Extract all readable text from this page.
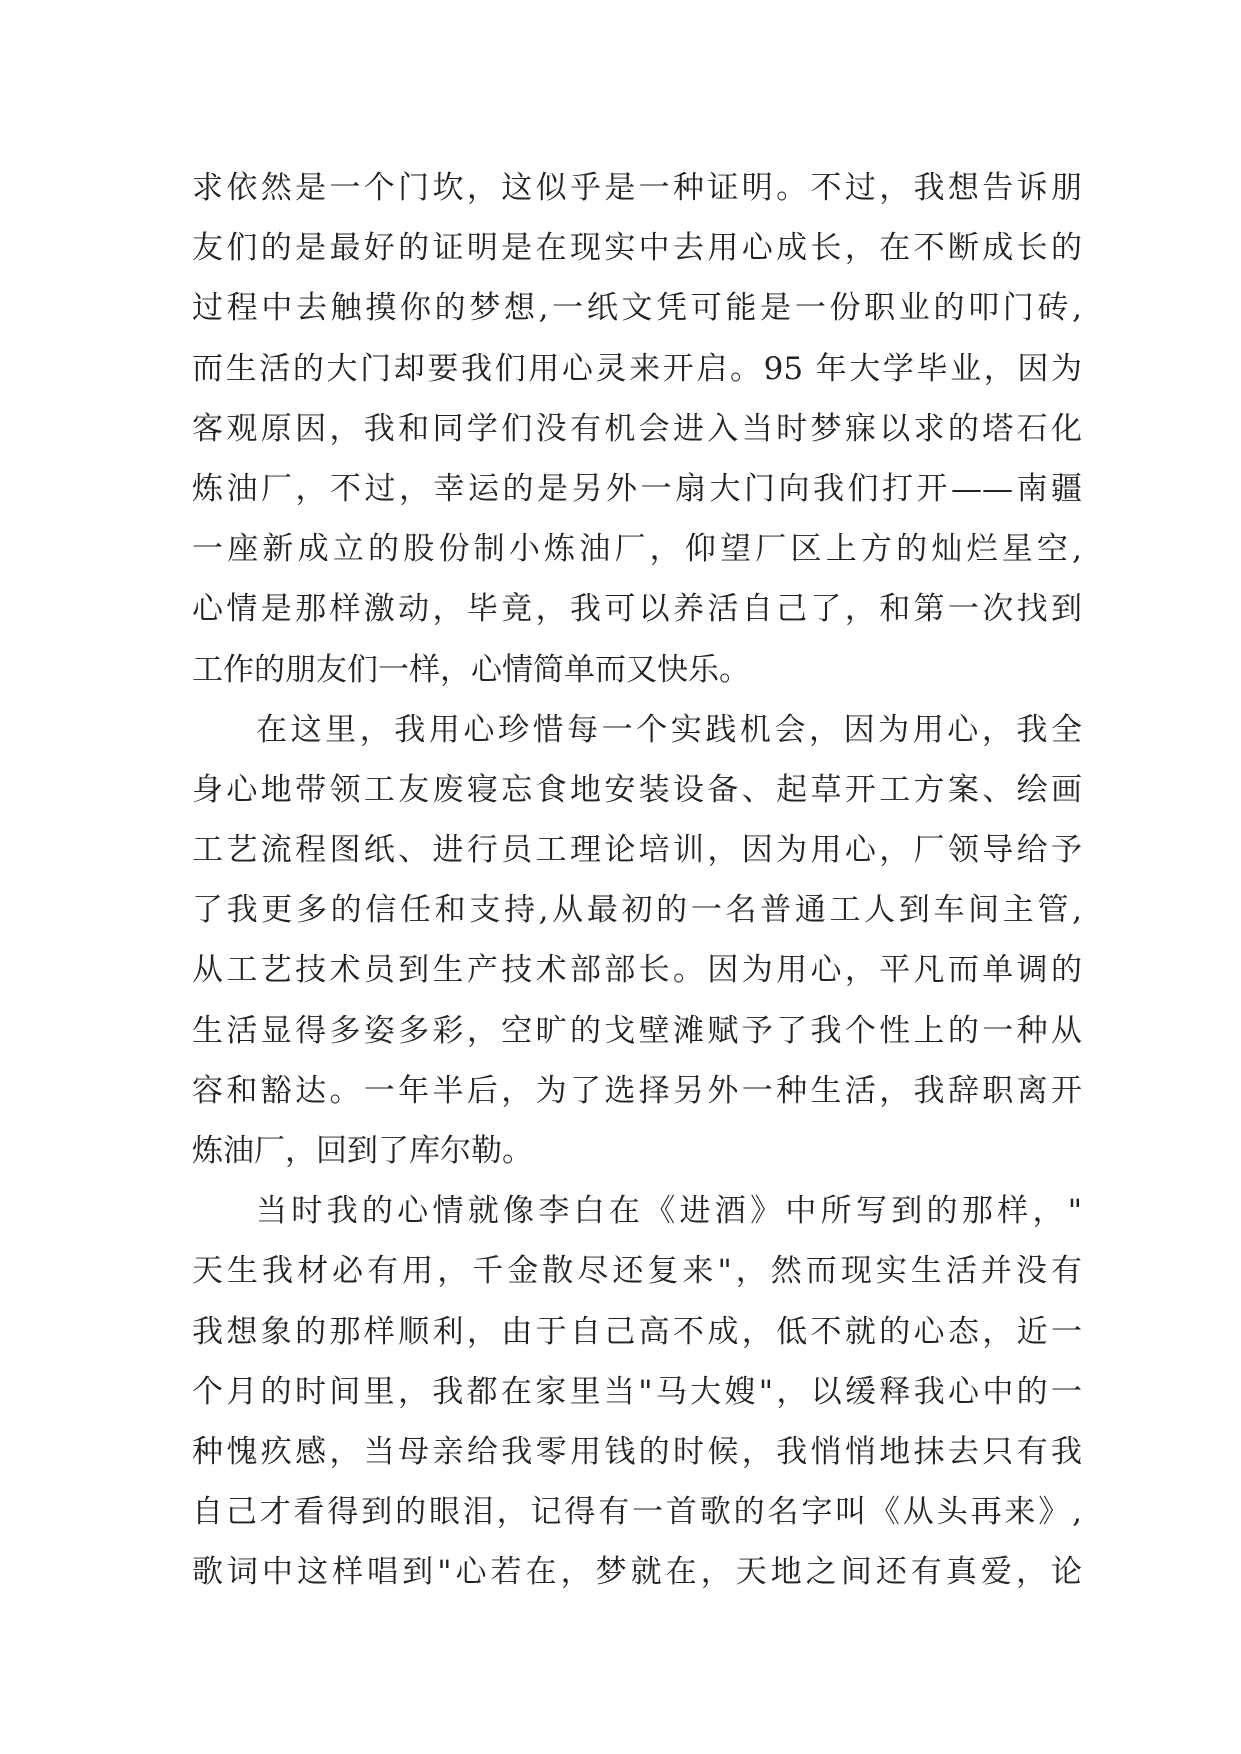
求依然是一个门坎，这似乎是一种证明。不过，我想告诉朋
友们的是最好的证明是在现实中去用心成长，在不断成长的
过程中去触摸你的梦想,一纸文凭可能是一份职业的叩门砖,
而生活的大门却要我们用心灵来开启。95 年大学毕业，因为
客观原因，我和同学们没有机会进入当时梦寐以求的塔石化
炼油厂，不过，幸运的是另外一扇大门向我们打开——南疆
一座新成立的股份制小炼油厂，仰望厂区上方的灿烂星空,
心情是那样激动，毕竟，我可以养活自己了，和第一次找到
工作的朋友们一样，心情简单而又快乐。
在这里，我用心珍惜每一个实践机会，因为用心，我全
身心地带领工友废寝忘食地安装设备、起草开工方案、绘画
工艺流程图纸、进行员工理论培训，因为用心，厂领导给予
了我更多的信任和支持,从最初的一名普通工人到车间主管,
从工艺技术员到生产技术部部长。因为用心，平凡而单调的
生活显得多姿多彩，空旷的戈壁滩赋予了我个性上的一种从
容和豁达。一年半后，为了选择另外一种生活，我辞职离开
炼油厂，回到了库尔勒。
当时我的心情就像李白在《进酒》中所写到的那样，"
天生我材必有用，千金散尽还复来"，然而现实生活并没有
我想象的那样顺利，由于自己高不成，低不就的心态，近一
个月的时间里，我都在家里当"马大嫂"，以缓释我心中的一
种愧疚感，当母亲给我零用钱的时候，我悄悄地抹去只有我
自己才看得到的眼泪，记得有一首歌的名字叫《从头再来》,
歌词中这样唱到"心若在，梦就在，天地之间还有真爱，论
